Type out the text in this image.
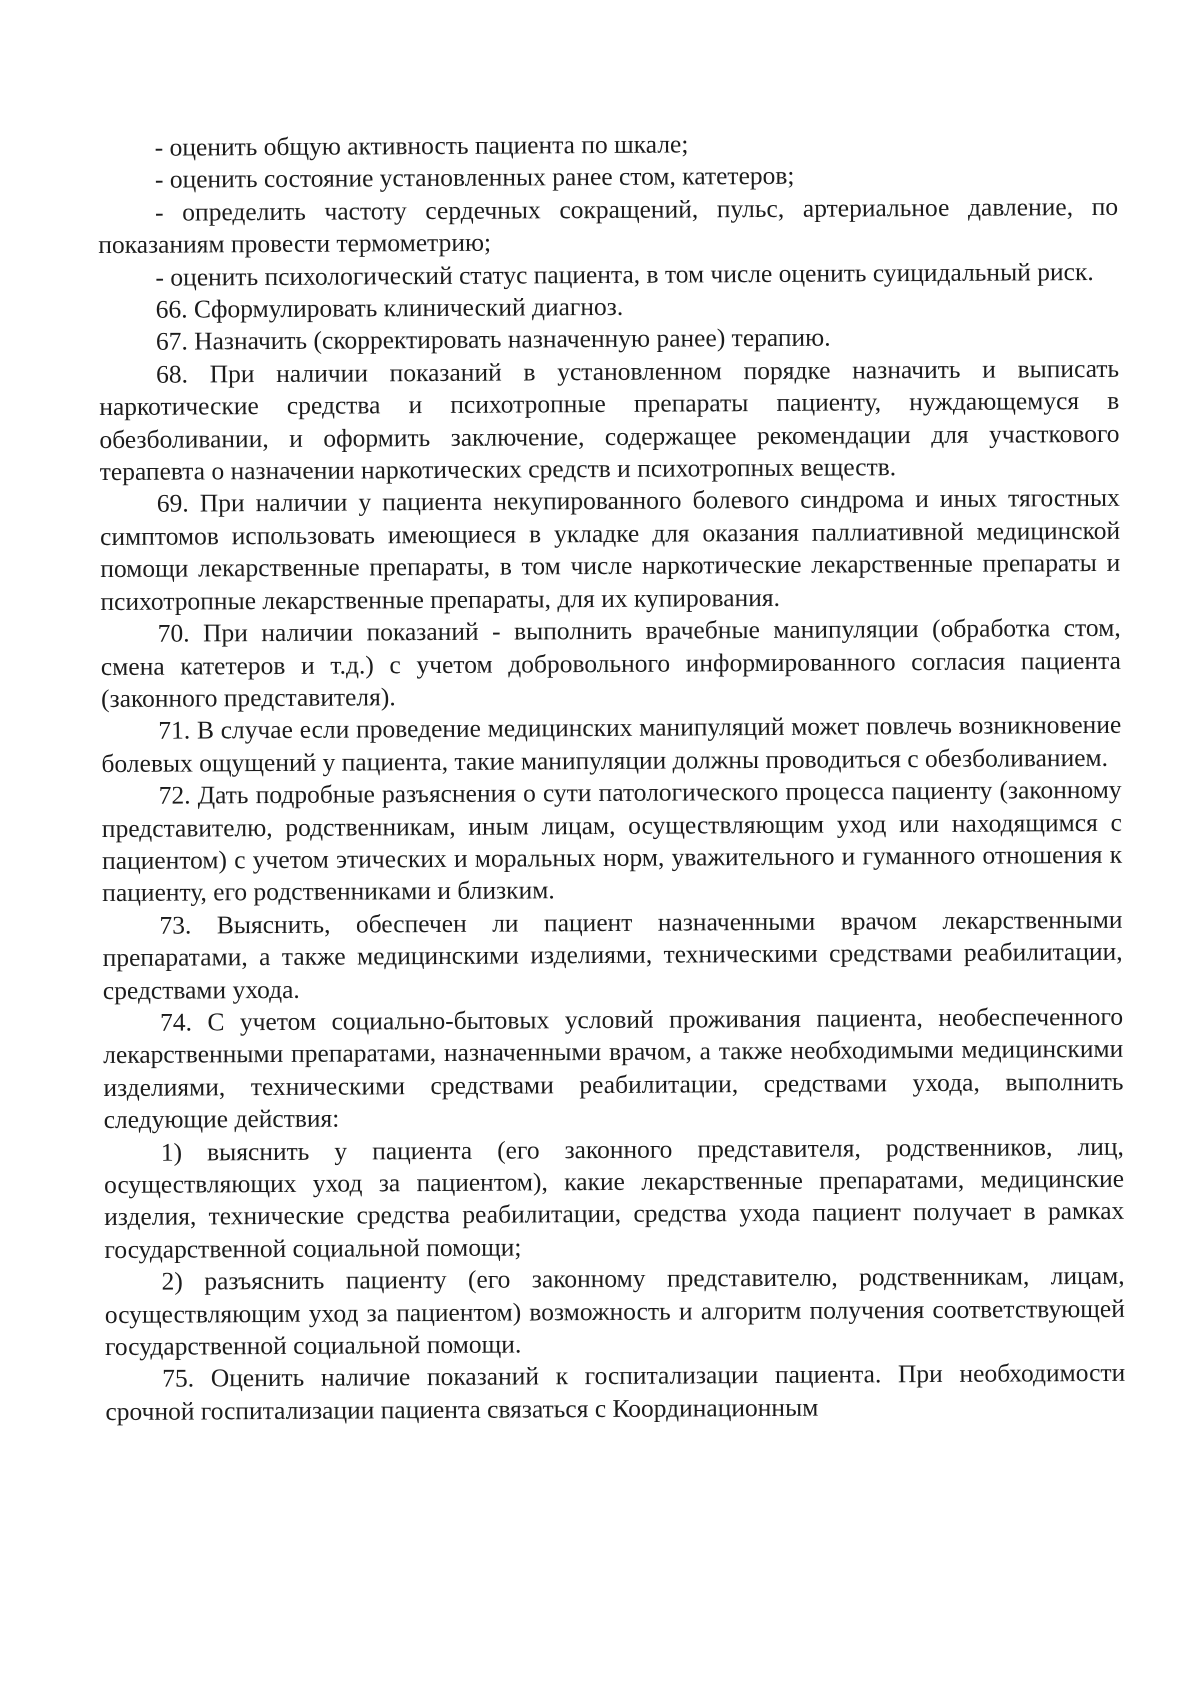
- оценить общую активность пациента по шкале;

- оценить состояние установленных ранее стом, катетеров;

- определить частоту сердечных сокращений, пульс, артериальное давление, по показаниям провести термометрию;

- оценить психологический статус пациента, в том числе оценить суицидальный риск.

66. Сформулировать клинический диагноз.

67. Назначить (скорректировать назначенную ранее) терапию.

68. При наличии показаний в установленном порядке назначить и выписать наркотические средства и психотропные препараты пациенту, нуждающемуся в обезболивании, и оформить заключение, содержащее рекомендации для участкового терапевта о назначении наркотических средств и психотропных веществ.

69. При наличии у пациента некупированного болевого синдрома и иных тягостных симптомов использовать имеющиеся в укладке для оказания паллиативной медицинской помощи лекарственные препараты, в том числе наркотические лекарственные препараты и психотропные лекарственные препараты, для их купирования.

70. При наличии показаний - выполнить врачебные манипуляции (обработка стом, смена катетеров и т.д.) с учетом добровольного информированного согласия пациента (законного представителя).

71. В случае если проведение медицинских манипуляций может повлечь возникновение болевых ощущений у пациента, такие манипуляции должны проводиться с обезболиванием.

72. Дать подробные разъяснения о сути патологического процесса пациенту (законному представителю, родственникам, иным лицам, осуществляющим уход или находящимся с пациентом) с учетом этических и моральных норм, уважительного и гуманного отношения к пациенту, его родственниками и близким.

73. Выяснить, обеспечен ли пациент назначенными врачом лекарственными препаратами, а также медицинскими изделиями, техническими средствами реабилитации, средствами ухода.

74. С учетом социально-бытовых условий проживания пациента, необеспеченного лекарственными препаратами, назначенными врачом, а также необходимыми медицинскими изделиями, техническими средствами реабилитации, средствами ухода, выполнить следующие действия:

1) выяснить у пациента (его законного представителя, родственников, лиц, осуществляющих уход за пациентом), какие лекарственные препаратами, медицинские изделия, технические средства реабилитации, средства ухода пациент получает в рамках государственной социальной помощи;

2) разъяснить пациенту (его законному представителю, родственникам, лицам, осуществляющим уход за пациентом) возможность и алгоритм получения соответствующей государственной социальной помощи.

75. Оценить наличие показаний к госпитализации пациента. При необходимости срочной госпитализации пациента связаться с Координационным
